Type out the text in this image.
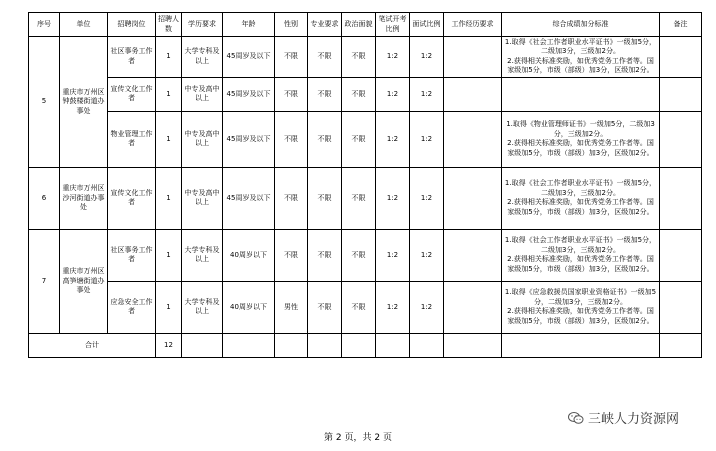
序号	单位	招聘岗位	招聘人数	学历要求	年龄	性别	专业要求	政治面貌	笔试开考比例	面试比例	工作经历要求	综合成绩加分标准	备注
5	重庆市万州区钟鼓楼街道办事处	社区事务工作者	1	大学专科及以上	45周岁及以下	不限	不限	不限	1:2	1:2		1.取得《社会工作者职业水平证书》一级加5分，二级加3分，三级加2分。

2.获得相关标准奖励，如优秀党务工作者等。国家级加5分，市级（部级）加3分，区级加2分。	

		宣传文化工作者	1	中专及高中以上	45周岁及以下	不限	不限	不限	1:2	1:2			
		物业管理工作者	1	中专及高中以上	45周岁及以下	不限	不限	不限	1:2	1:2		1.取得《物业管理师证书》一级加5分，二级加3分，三级加2分。

2.获得相关标准奖励，如优秀党务工作者等。国家级加5分，市级（部级）加3分，区级加2分。	

6	重庆市万州区沙河街道办事处	宣传文化工作者	1	中专及高中以上	45周岁及以下	不限	不限	不限	1:2	1:2		1.取得《社会工作者职业水平证书》一级加5分，二级加3分，三级加2分。

2.获得相关标准奖励，如优秀党务工作者等。国家级加5分，市级（部级）加3分，区级加2分。	

7	重庆市万州区高笋塘街道办事处	社区事务工作者	1	大学专科及以上	40周岁以下	不限	不限	不限	1:2	1:2		1.取得《社会工作者职业水平证书》一级加5分，二级加3分，三级加2分。

2.获得相关标准奖励，如优秀党务工作者等。国家级加5分，市级（部级）加3分，区级加2分。	

		应急安全工作者	1	大学专科及以上	40周岁以下	男性	不限	不限	1:2	1:2		1.取得《应急救援员国家职业资格证书》一级加5分，二级加3分，三级加2分。

2.获得相关标准奖励，如优秀党务工作者等。国家级加5分，市级（部级）加3分，区级加2分。	

合计			12										
三峡人力资源网
第 2 页，共 2 页
